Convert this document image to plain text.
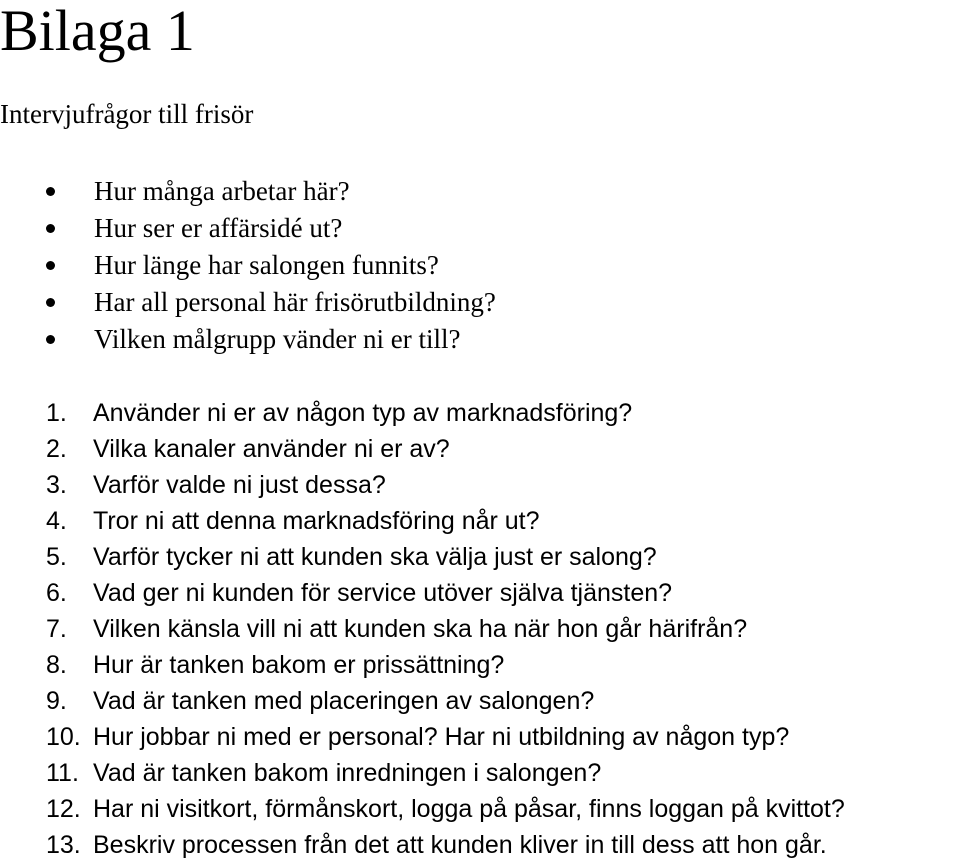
Bilaga 1

Intervjufrågor till frisör

Hur många arbetar här?
Hur ser er affärsidé ut?
Hur länge har salongen funnits?
Har all personal här frisörutbildning?
Vilken målgrupp vänder ni er till?
1. Använder ni er av någon typ av marknadsföring?
2. Vilka kanaler använder ni er av?
3. Varför valde ni just dessa?
4. Tror ni att denna marknadsföring når ut?
5. Varför tycker ni att kunden ska välja just er salong?
6. Vad ger ni kunden för service utöver själva tjänsten?
7. Vilken känsla vill ni att kunden ska ha när hon går härifrån?
8. Hur är tanken bakom er prissättning?
9. Vad är tanken med placeringen av salongen?
10. Hur jobbar ni med er personal? Har ni utbildning av någon typ?
11. Vad är tanken bakom inredningen i salongen?
12. Har ni visitkort, förmånskort, logga på påsar, finns loggan på kvittot?
13. Beskriv processen från det att kunden kliver in till dess att hon går.
